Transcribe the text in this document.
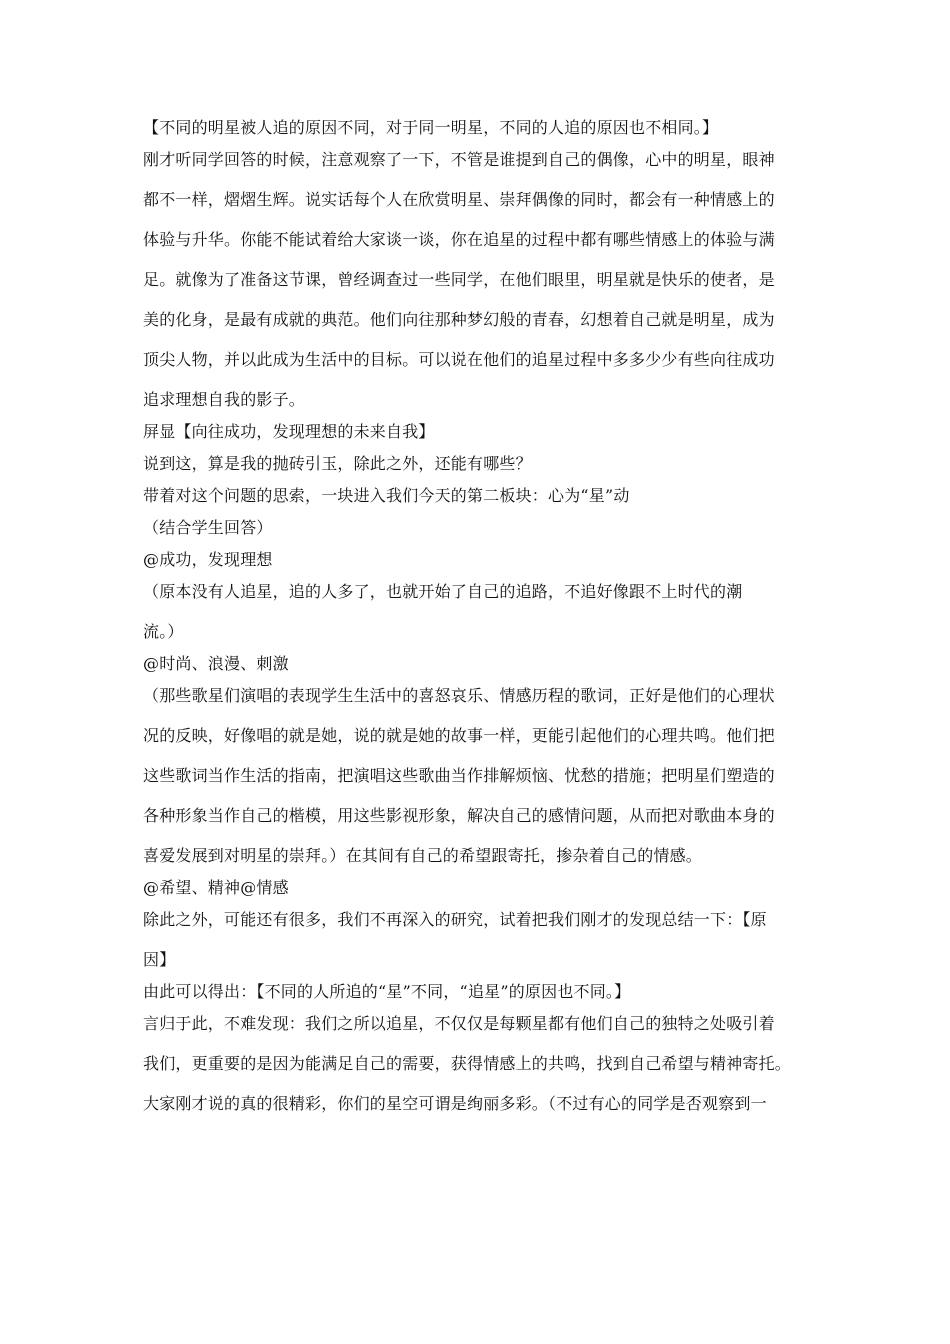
【不同的明星被人追的原因不同，对于同一明星，不同的人追的原因也不相同。】

刚才听同学回答的时候，注意观察了一下，不管是谁提到自己的偶像，心中的明星，眼神

都不一样，熠熠生辉。说实话每个人在欣赏明星、崇拜偶像的同时，都会有一种情感上的

体验与升华。你能不能试着给大家谈一谈，你在追星的过程中都有哪些情感上的体验与满

足。就像为了准备这节课，曾经调查过一些同学，在他们眼里，明星就是快乐的使者，是

美的化身，是最有成就的典范。他们向往那种梦幻般的青春，幻想着自己就是明星，成为

顶尖人物，并以此成为生活中的目标。可以说在他们的追星过程中多多少少有些向往成功

追求理想自我的影子。

屏显【向往成功，发现理想的未来自我】

说到这，算是我的抛砖引玉，除此之外，还能有哪些？

带着对这个问题的思索，一块进入我们今天的第二板块：心为“星”动

（结合学生回答）

@成功，发现理想

（原本没有人追星，追的人多了，也就开始了自己的追路，不追好像跟不上时代的潮

流。）

@时尚、浪漫、刺激

（那些歌星们演唱的表现学生生活中的喜怒哀乐、情感历程的歌词，正好是他们的心理状

况的反映，好像唱的就是她，说的就是她的故事一样，更能引起他们的心理共鸣。他们把

这些歌词当作生活的指南，把演唱这些歌曲当作排解烦恼、忧愁的措施；把明星们塑造的

各种形象当作自己的楷模，用这些影视形象，解决自己的感情问题，从而把对歌曲本身的

喜爱发展到对明星的崇拜。）在其间有自己的希望跟寄托，掺杂着自己的情感。

@希望、精神@情感

除此之外，可能还有很多，我们不再深入的研究，试着把我们刚才的发现总结一下：【原

因】

由此可以得出：【不同的人所追的“星”不同，“追星”的原因也不同。】

言归于此，不难发现：我们之所以追星，不仅仅是每颗星都有他们自己的独特之处吸引着

我们，更重要的是因为能满足自己的需要，获得情感上的共鸣，找到自己希望与精神寄托。

大家刚才说的真的很精彩，你们的星空可谓是绚丽多彩。（不过有心的同学是否观察到一
